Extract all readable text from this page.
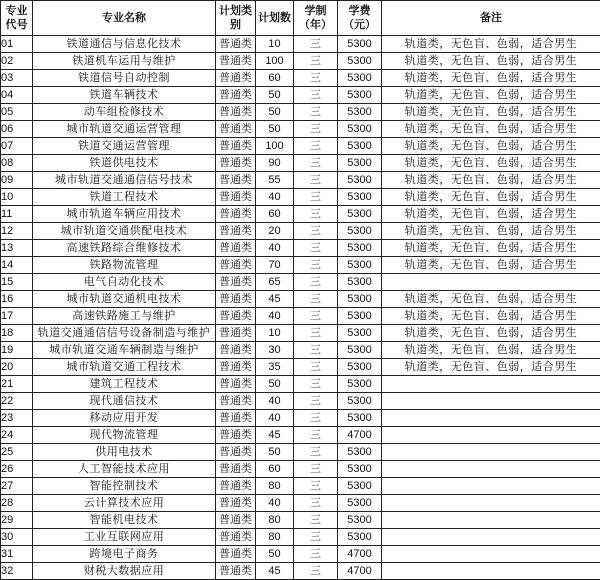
专业代号	专业名称	计划类别	计划数	学制（年）	学费（元）	备注
01	铁道通信与信息化技术	普通类	10	三	5300	轨道类，无色盲、色弱，适合男生
02	铁道机车运用与维护	普通类	100	三	5300	轨道类，无色盲、色弱，适合男生
03	铁道信号自动控制	普通类	60	三	5300	轨道类，无色盲、色弱，适合男生
04	铁道车辆技术	普通类	50	三	5300	轨道类，无色盲、色弱，适合男生
05	动车组检修技术	普通类	50	三	5300	轨道类，无色盲、色弱，适合男生
06	城市轨道交通运营管理	普通类	50	三	5300	轨道类，无色盲、色弱，适合男生
07	铁道交通运营管理	普通类	100	三	5300	轨道类，无色盲、色弱，适合男生
08	铁道供电技术	普通类	90	三	5300	轨道类，无色盲、色弱，适合男生
09	城市轨道交通通信信号技术	普通类	55	三	5300	轨道类，无色盲、色弱，适合男生
10	铁道工程技术	普通类	40	三	5300	轨道类，无色盲、色弱，适合男生
11	城市轨道车辆应用技术	普通类	60	三	5300	轨道类，无色盲、色弱，适合男生
12	城市轨道交通供配电技术	普通类	20	三	5300	轨道类，无色盲、色弱，适合男生
13	高速铁路综合维修技术	普通类	40	三	5300	轨道类，无色盲、色弱，适合男生
14	铁路物流管理	普通类	70	三	5300	轨道类，无色盲、色弱，适合男生
15	电气自动化技术	普通类	65	三	5300	
16	城市轨道交通机电技术	普通类	45	三	5300	轨道类，无色盲、色弱，适合男生
17	高速铁路施工与维护	普通类	40	三	5300	轨道类，无色盲、色弱，适合男生
18	轨道交通通信信号设备制造与维护	普通类	10	三	5300	轨道类，无色盲、色弱，适合男生
19	城市轨道交通车辆制造与维护	普通类	30	三	5300	轨道类，无色盲、色弱，适合男生
20	城市轨道交通工程技术	普通类	35	三	5300	轨道类，无色盲、色弱，适合男生
21	建筑工程技术	普通类	50	三	5300	
22	现代通信技术	普通类	40	三	5300	
23	移动应用开发	普通类	40	三	5300	
24	现代物流管理	普通类	45	三	4700	
25	供用电技术	普通类	50	三	5300	
26	人工智能技术应用	普通类	60	三	5300	
27	智能控制技术	普通类	80	三	5300	
28	云计算技术应用	普通类	40	三	5300	
29	智能机电技术	普通类	80	三	5300	
30	工业互联网应用	普通类	80	三	5300	
31	跨境电子商务	普通类	50	三	4700	
32	财税大数据应用	普通类	45	三	4700	
